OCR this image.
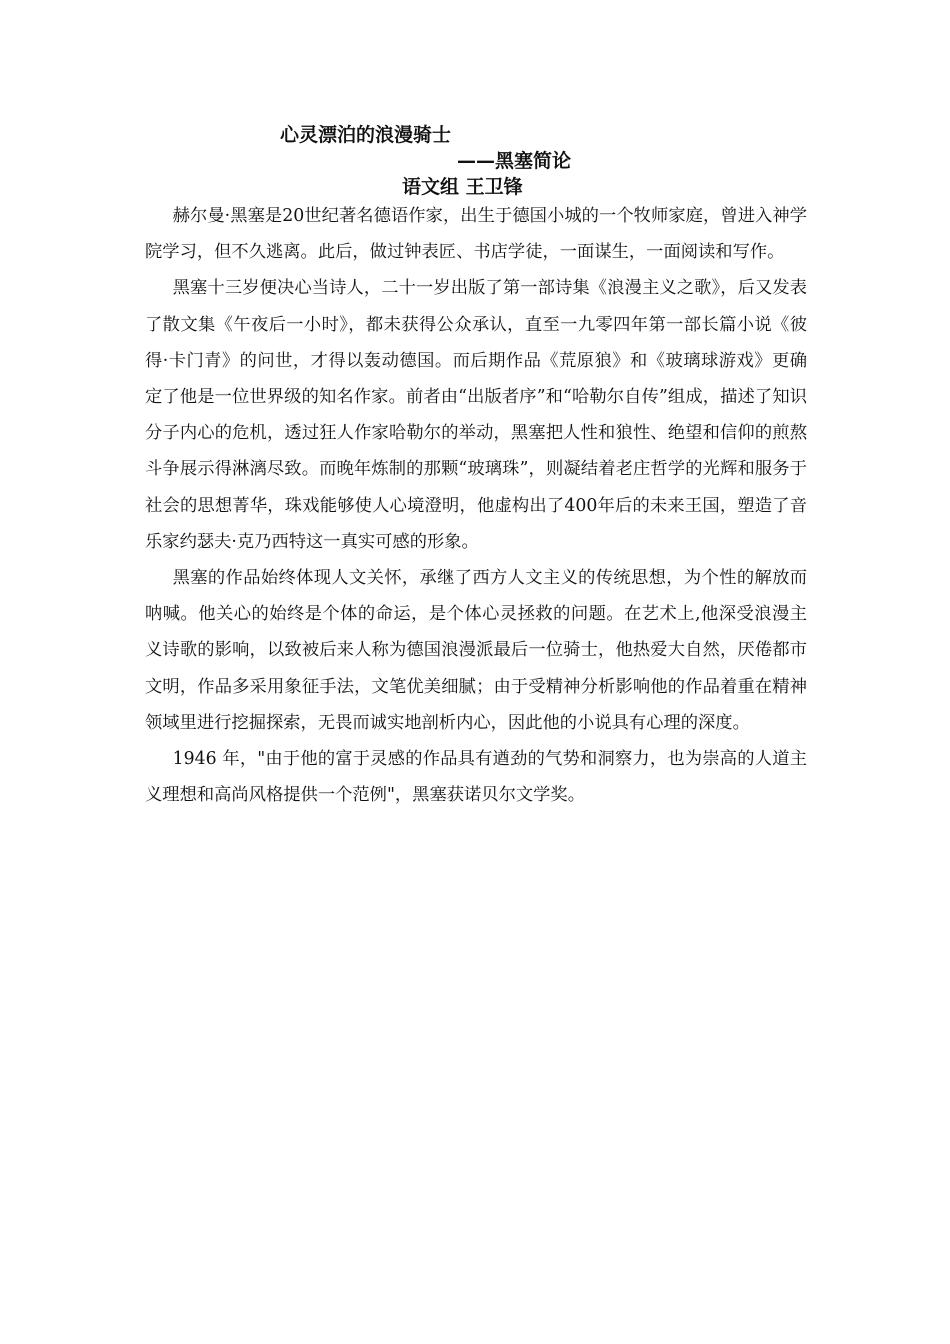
心灵漂泊的浪漫骑士
——黑塞简论
语文组 王卫锋

赫尔曼·黑塞是20世纪著名德语作家，出生于德国小城的一个牧师家庭，曾进入神学院学习，但不久逃离。此后，做过钟表匠、书店学徒，一面谋生，一面阅读和写作。

黑塞十三岁便决心当诗人，二十一岁出版了第一部诗集《浪漫主义之歌》，后又发表了散文集《午夜后一小时》，都未获得公众承认，直至一九零四年第一部长篇小说《彼得·卡门青》的问世，才得以轰动德国。而后期作品《荒原狼》和《玻璃球游戏》更确定了他是一位世界级的知名作家。前者由“出版者序”和“哈勒尔自传”组成，描述了知识分子内心的危机，透过狂人作家哈勒尔的举动，黑塞把人性和狼性、绝望和信仰的煎熬斗争展示得淋漓尽致。而晚年炼制的那颗“玻璃珠”，则凝结着老庄哲学的光辉和服务于社会的思想菁华，珠戏能够使人心境澄明，他虚构出了400年后的未来王国，塑造了音乐家约瑟夫·克乃西特这一真实可感的形象。

黑塞的作品始终体现人文关怀，承继了西方人文主义的传统思想，为个性的解放而呐喊。他关心的始终是个体的命运，是个体心灵拯救的问题。在艺术上,他深受浪漫主义诗歌的影响，以致被后来人称为德国浪漫派最后一位骑士，他热爱大自然，厌倦都市文明，作品多采用象征手法，文笔优美细腻；由于受精神分析影响他的作品着重在精神领域里进行挖掘探索，无畏而诚实地剖析内心，因此他的小说具有心理的深度。

1946 年，"由于他的富于灵感的作品具有遒劲的气势和洞察力，也为崇高的人道主义理想和高尚风格提供一个范例"，黑塞获诺贝尔文学奖。
